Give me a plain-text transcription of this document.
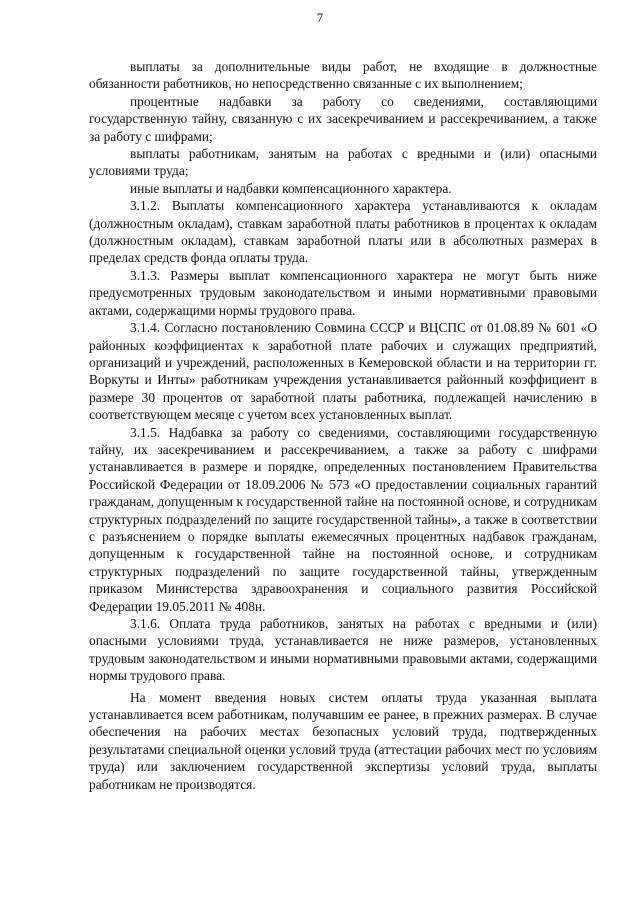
7

выплаты за дополнительные виды работ, не входящие в должностные обязанности работников, но непосредственно связанные с их выполнением;

процентные надбавки за работу со сведениями, составляющими государственную тайну, связанную с их засекречиванием и рассекречиванием, а также за работу с шифрами;

выплаты работникам, занятым на работах с вредными и (или) опасными условиями труда;

иные выплаты и надбавки компенсационного характера.

3.1.2. Выплаты компенсационного характера устанавливаются к окладам (должностным окладам), ставкам заработной платы работников в процентах к окладам (должностным окладам), ставкам заработной платы или в абсолютных размерах в пределах средств фонда оплаты труда.

3.1.3. Размеры выплат компенсационного характера не могут быть ниже предусмотренных трудовым законодательством и иными нормативными правовыми актами, содержащими нормы трудового права.

3.1.4. Согласно постановлению Совмина СССР и ВЦСПС от 01.08.89 № 601 «О районных коэффициентах к заработной плате рабочих и служащих предприятий, организаций и учреждений, расположенных в Кемеровской области и на территории гг. Воркуты и Инты» работникам учреждения устанавливается районный коэффициент в размере 30 процентов от заработной платы работника, подлежащей начислению в соответствующем месяце с учетом всех установленных выплат.

3.1.5. Надбавка за работу со сведениями, составляющими государственную тайну, их засекречиванием и рассекречиванием, а также за работу с шифрами устанавливается в размере и порядке, определенных постановлением Правительства Российской Федерации от 18.09.2006 № 573 «О предоставлении социальных гарантий гражданам, допущенным к государственной тайне на постоянной основе, и сотрудникам структурных подразделений по защите государственной тайны», а также в соответствии с разъяснением о порядке выплаты ежемесячных процентных надбавок гражданам, допущенным к государственной тайне на постоянной основе, и сотрудникам структурных подразделений по защите государственной тайны, утвержденным приказом Министерства здравоохранения и социального развития Российской Федерации 19.05.2011 № 408н.

3.1.6. Оплата труда работников, занятых на работах с вредными и (или) опасными условиями труда, устанавливается не ниже размеров, установленных трудовым законодательством и иными нормативными правовыми актами, содержащими нормы трудового права.

На момент введения новых систем оплаты труда указанная выплата устанавливается всем работникам, получавшим ее ранее, в прежних размерах. В случае обеспечения на рабочих местах безопасных условий труда, подтвержденных результатами специальной оценки условий труда (аттестации рабочих мест по условиям труда) или заключением государственной экспертизы условий труда, выплаты работникам не производятся.
